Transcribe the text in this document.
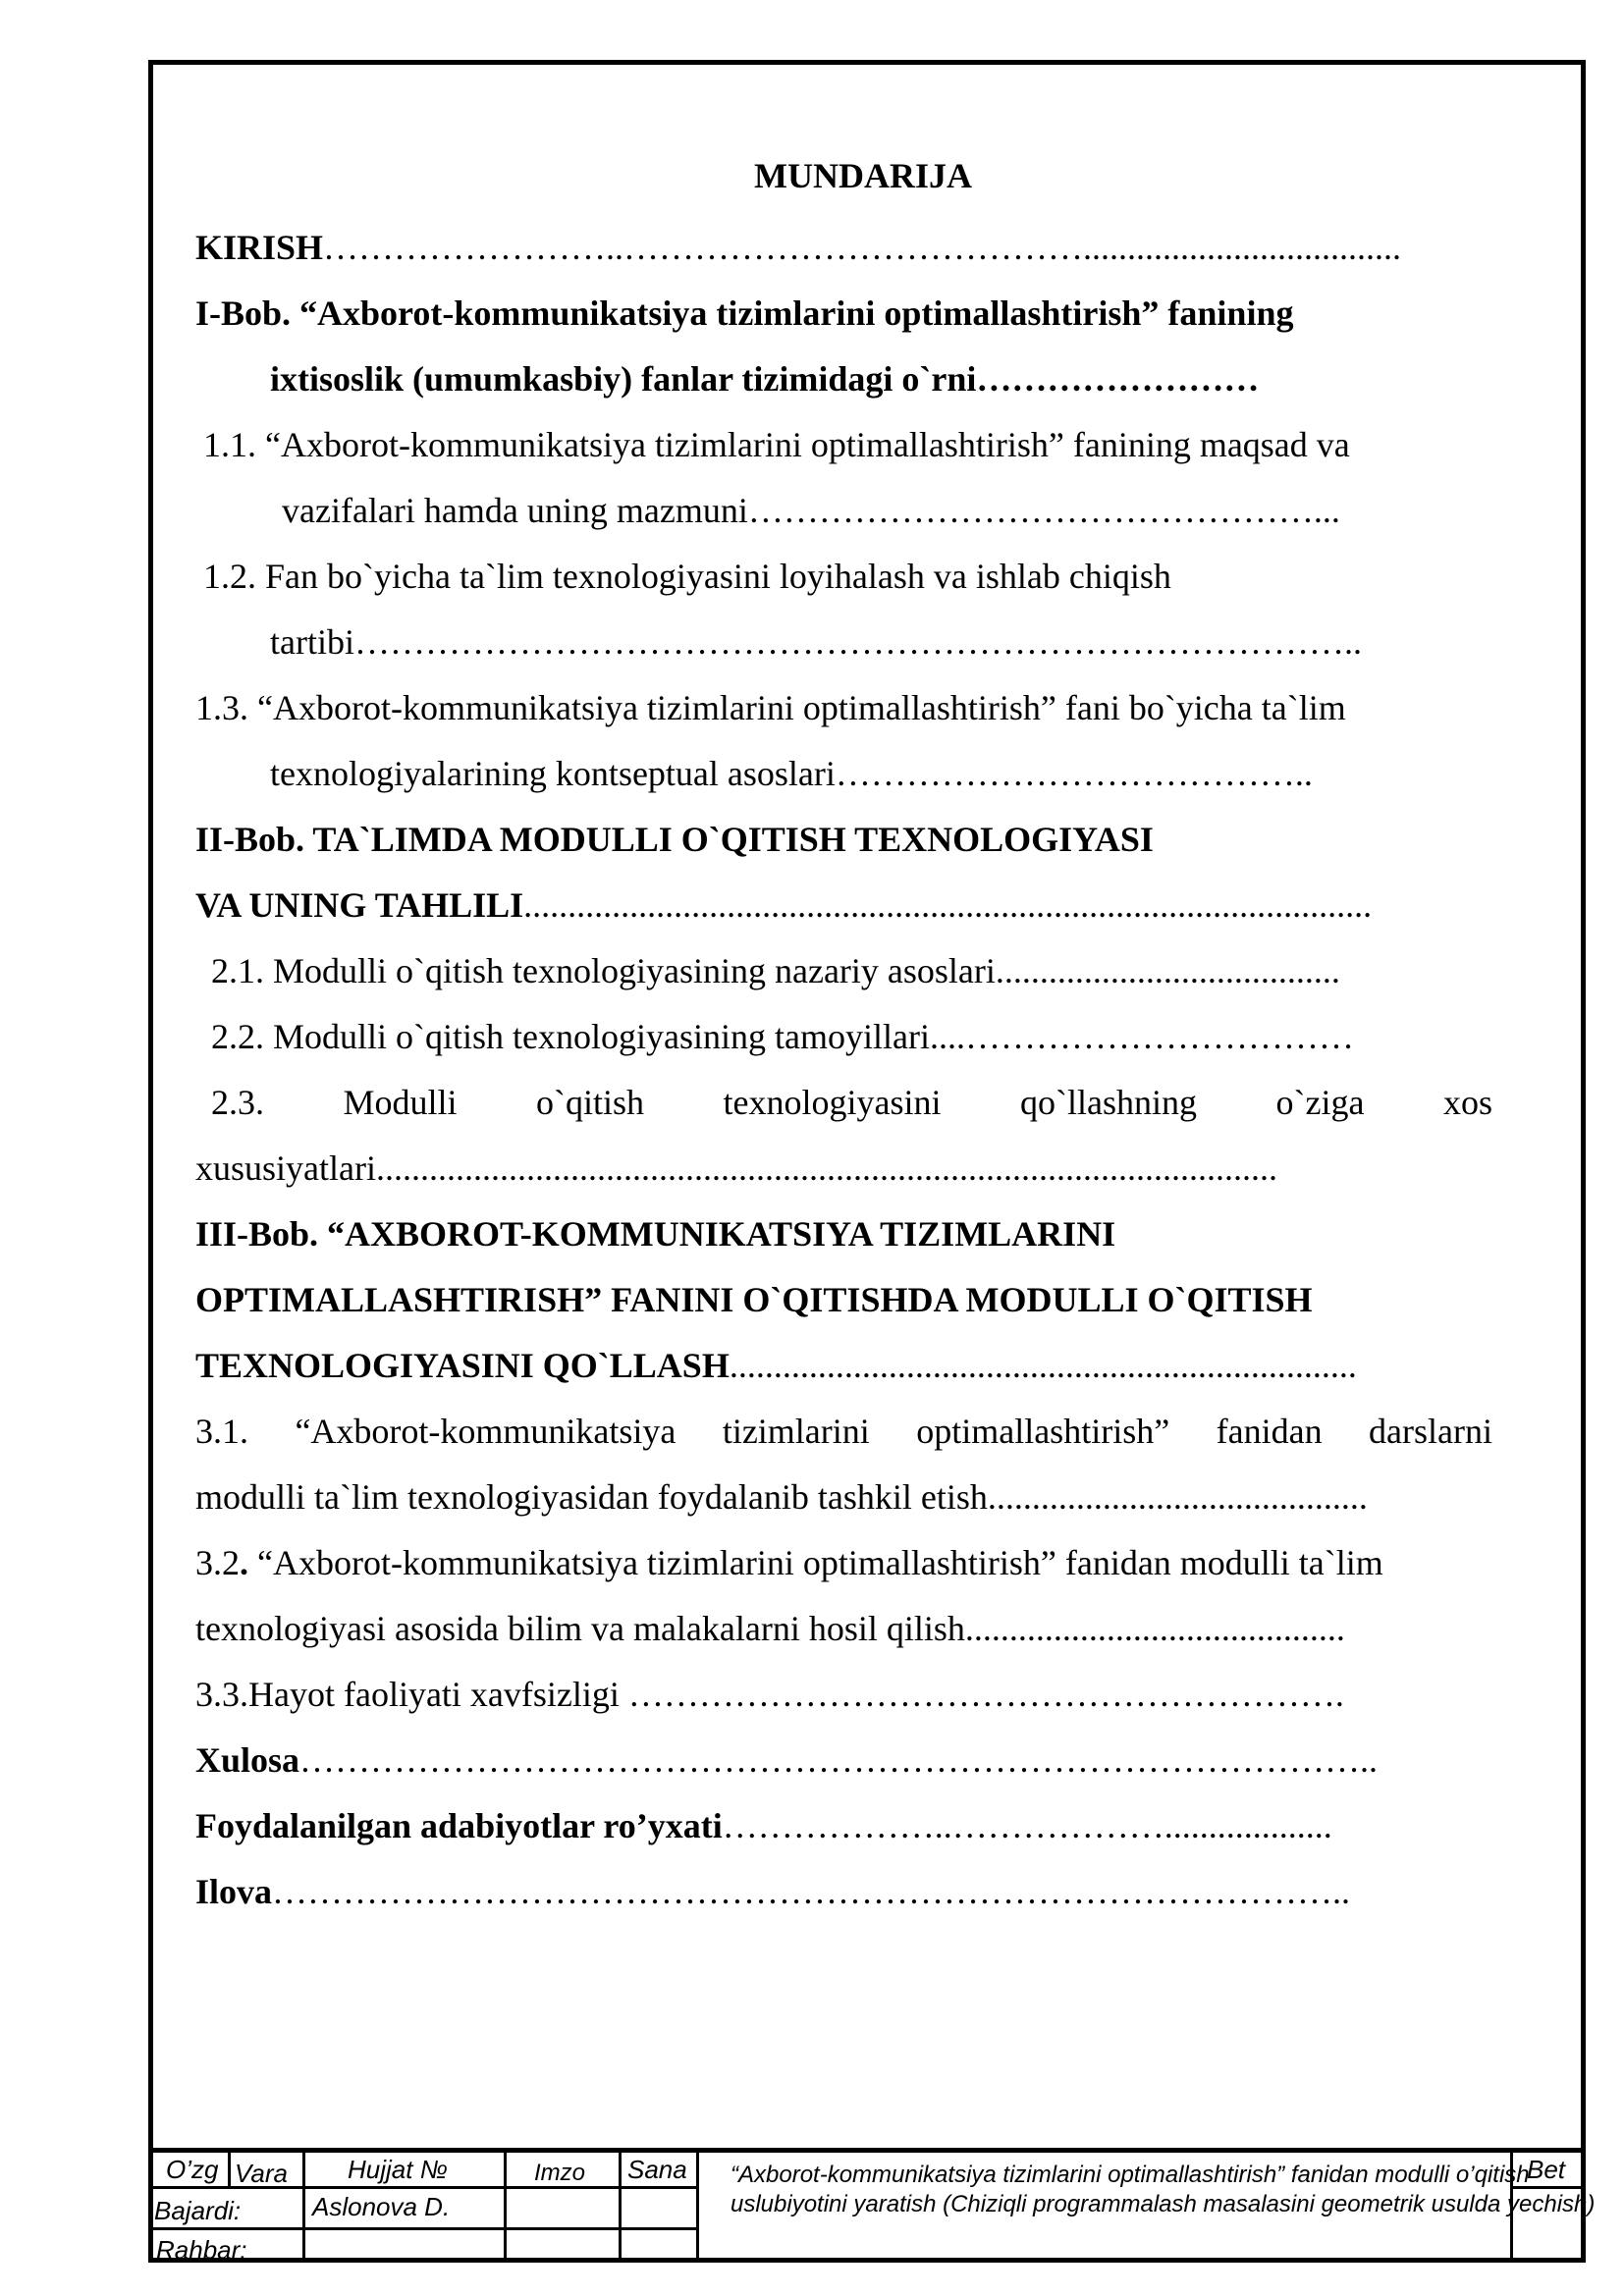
MUNDARIJA
KIRISH……………………..…………………………………....................................
I-Bob. “Axborot-kommunikatsiya tizimlarini optimallashtirish” fanining
ixtisoslik (umumkasbiy) fanlar tizimidagi o`rni……………………
1.1. “Axborot-kommunikatsiya tizimlarini optimallashtirish” fanining maqsad va
vazifalari hamda uning mazmuni…………………………………………...
1.2. Fan bo`yicha ta`lim texnologiyasini loyihalash va ishlab chiqish
tartibi…………………………………………………………………………..
1.3. “Axborot-kommunikatsiya tizimlarini optimallashtirish” fani bo`yicha ta`lim
texnologiyalarining kontseptual asoslari…………………………………..
II-Bob. TA`LIMDA MODULLI O`QITISH TEXNOLOGIYASI
VA UNING TAHLILI................................................................................................
2.1. Modulli o`qitish texnologiyasining nazariy asoslari.......................................
2.2. Modulli o`qitish texnologiyasining tamoyillari....……………………………
2.3. Modulli o`qitish texnologiyasini qo`llashning o`ziga xos
xususiyatlari......................................................................................................
III-Bob. “AXBOROT-KOMMUNIKATSIYA TIZIMLARINI
OPTIMALLASHTIRISH” FANINI O`QITISHDA MODULLI O`QITISH
TEXNOLOGIYASINI QO`LLASH.......................................................................
3.1. “Axborot-kommunikatsiya tizimlarini optimallashtirish” fanidan darslarni
modulli ta`lim texnologiyasidan foydalanib tashkil etish...........................................
3.2. “Axborot-kommunikatsiya tizimlarini optimallashtirish” fanidan modulli ta`lim
texnologiyasi asosida bilim va malakalarni hosil qilish...........................................
3.3.Hayot faoliyati xavfsizligi …………………………………………………….
Xulosa………………………………………………………………………………..
Foydalanilgan adabiyotlar ro’yxati………………..………………...................
Ilova………………………………………………………………………………..
O’zg Vara Hujjat №	Imzo Sana
Bajardi:	Aslonova D.
Rahbar:
“Axborot-kommunikatsiya tizimlarini optimallashtirish” fanidan modulli o’qitish uslubiyotini yaratish (Chiziqli programmalash masalasini geometrik usulda yechish)
Bet
